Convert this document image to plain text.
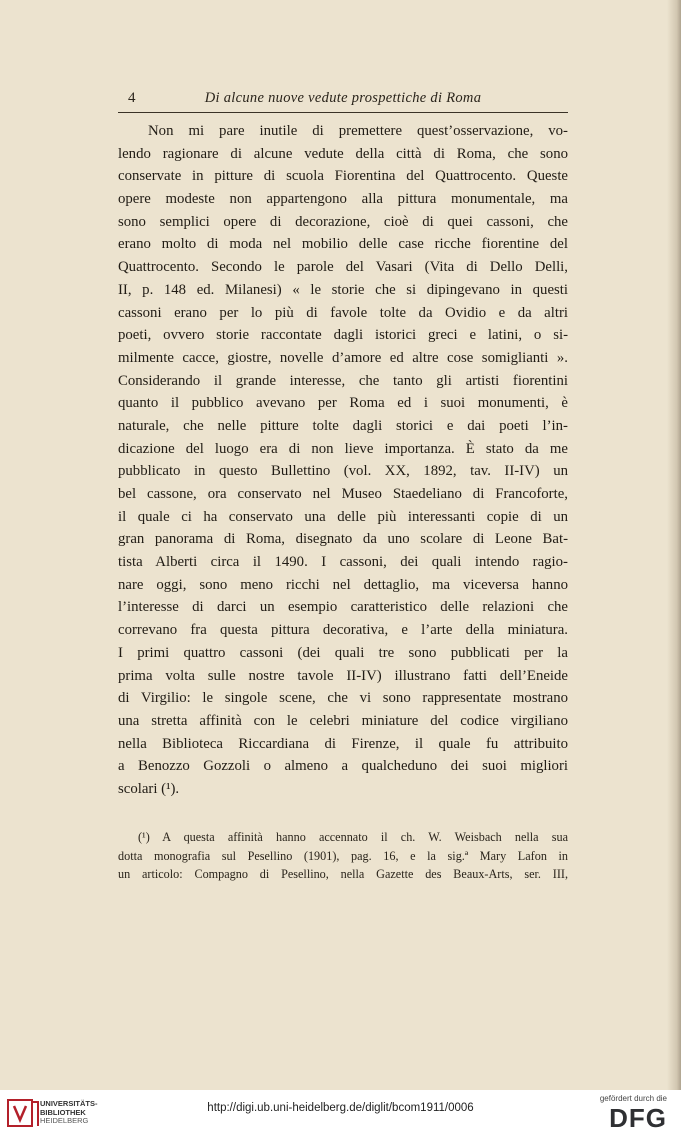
4	Di alcune nuove vedute prospettiche di Roma
Non mi pare inutile di premettere quest’osservazione, vo-
lendo ragionare di alcune vedute della città di Roma, che sono
conservate in pitture di scuola Fiorentina del Quattrocento. Queste
opere modeste non appartengono alla pittura monumentale, ma
sono semplici opere di decorazione, cioè di quei cassoni, che
erano molto di moda nel mobilio delle case ricche fiorentine del
Quattrocento. Secondo le parole del Vasari (Vita di Dello Delli,
II, p. 148 ed. Milanesi) « le storie che si dipingevano in questi
cassoni erano per lo più di favole tolte da Ovidio e da altri
poeti, ovvero storie raccontate dagli istorici greci e latini, o si-
milmente cacce, giostre, novelle d’amore ed altre cose somiglianti ».
Considerando il grande interesse, che tanto gli artisti fiorentini
quanto il pubblico avevano per Roma ed i suoi monumenti, è
naturale, che nelle pitture tolte dagli storici e dai poeti l’in-
dicazione del luogo era di non lieve importanza. È stato da me
pubblicato in questo Bullettino (vol. XX, 1892, tav. II-IV) un
bel cassone, ora conservato nel Museo Staedeliano di Francoforte,
il quale ci ha conservato una delle più interessanti copie di un
gran panorama di Roma, disegnato da uno scolare di Leone Bat-
tista Alberti circa il 1490. I cassoni, dei quali intendo ragio-
nare oggi, sono meno ricchi nel dettaglio, ma viceversa hanno
l’interesse di darci un esempio caratteristico delle relazioni che
correvano fra questa pittura decorativa, e l’arte della miniatura.
I primi quattro cassoni (dei quali tre sono pubblicati per la
prima volta sulle nostre tavole II-IV) illustrano fatti dell’Eneide
di Virgilio: le singole scene, che vi sono rappresentate mostrano
una stretta affinità con le celebri miniature del codice virgiliano
nella Biblioteca Riccardiana di Firenze, il quale fu attribuito
a Benozzo Gozzoli o almeno a qualcheduno dei suoi migliori
scolari (¹).
(¹) A questa affinità hanno accennato il ch. W. Weisbach nella sua
dotta monografia sul Pesellino (1901), pag. 16, e la sig.ª Mary Lafon in
un articolo: Compagno di Pesellino, nella Gazette des Beaux-Arts, ser. III,
UNIVERSITÄTS-
BIBLIOTHEK
HEIDELBERG
http://digi.ub.uni-heidelberg.de/diglit/bcom1911/0006
gefördert durch die
DFG
